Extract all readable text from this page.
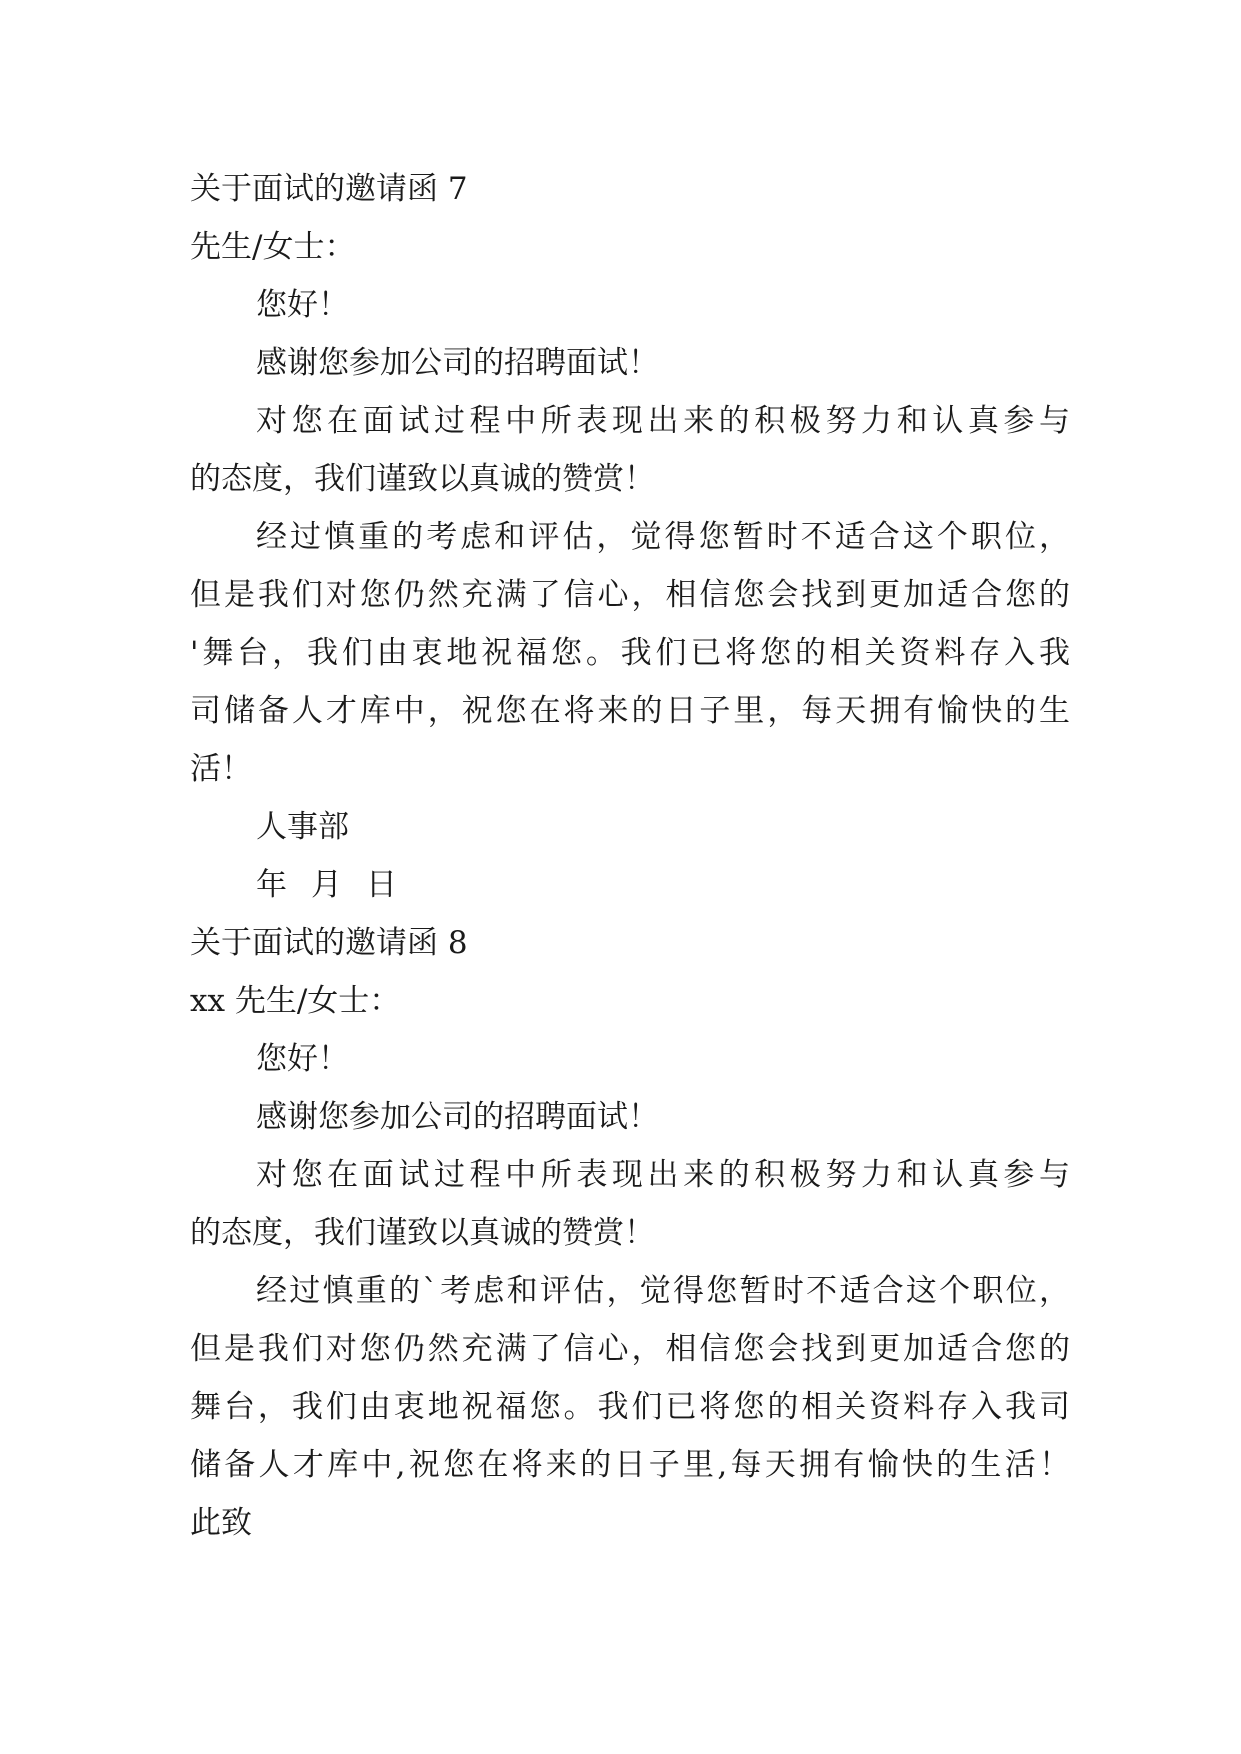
关于面试的邀请函 7
先生/女士：
您好！
感谢您参加公司的招聘面试！
对您在面试过程中所表现出来的积极努力和认真参与
的态度，我们谨致以真诚的赞赏！
经过慎重的考虑和评估，觉得您暂时不适合这个职位，
但是我们对您仍然充满了信心，相信您会找到更加适合您的
'舞台，我们由衷地祝福您。我们已将您的相关资料存入我
司储备人才库中，祝您在将来的日子里，每天拥有愉快的生
活！
人事部
年 月 日
关于面试的邀请函 8
xx 先生/女士：
您好！
感谢您参加公司的招聘面试！
对您在面试过程中所表现出来的积极努力和认真参与
的态度，我们谨致以真诚的赞赏！
经过慎重的`考虑和评估，觉得您暂时不适合这个职位，
但是我们对您仍然充满了信心，相信您会找到更加适合您的
舞台，我们由衷地祝福您。我们已将您的相关资料存入我司
储备人才库中,祝您在将来的日子里,每天拥有愉快的生活！
此致
